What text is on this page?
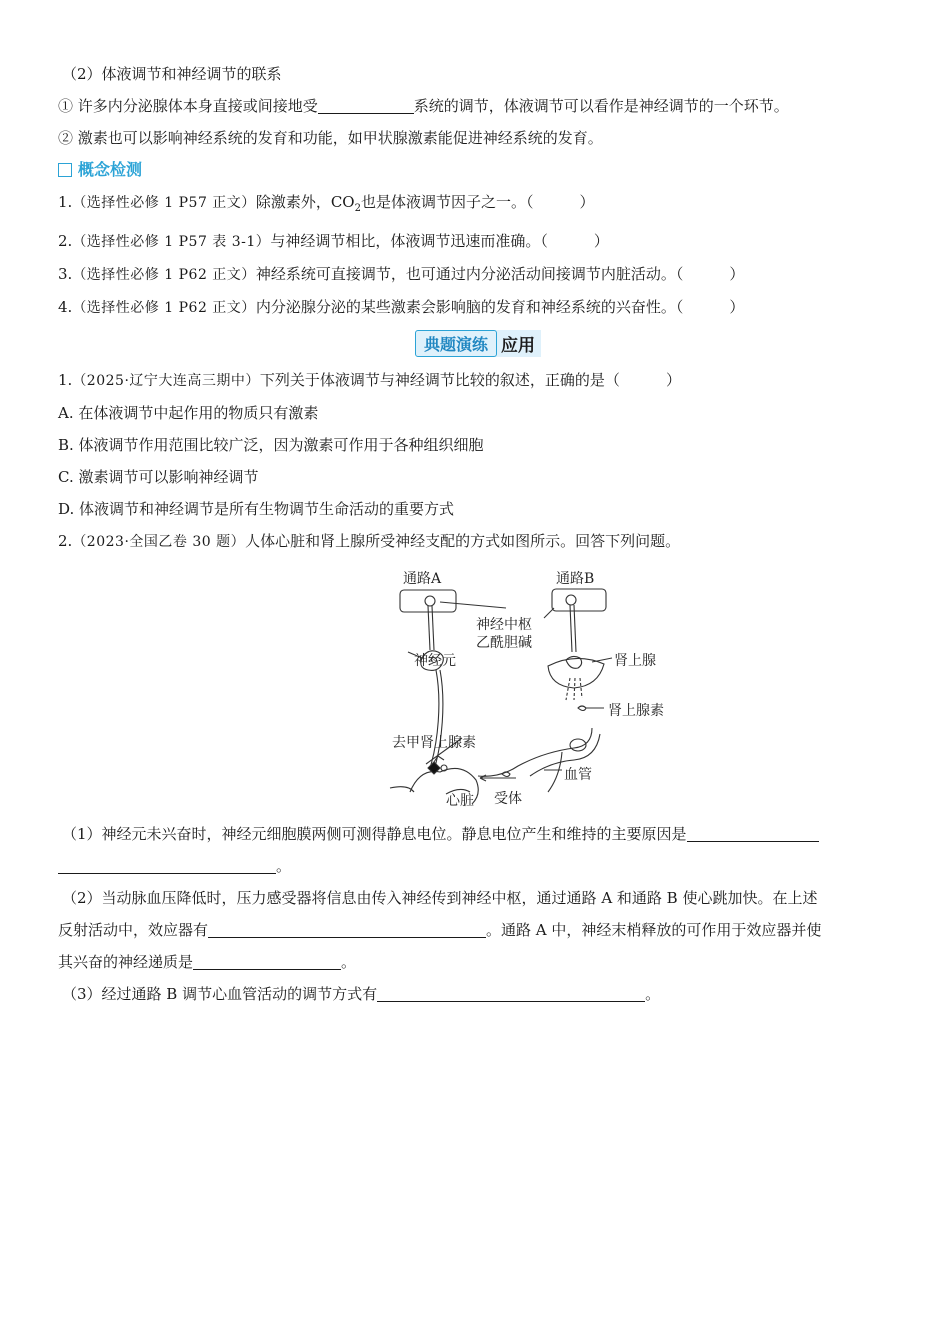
（2）体液调节和神经调节的联系
① 许多内分泌腺体本身直接或间接地受	系统的调节，体液调节可以看作是神经调节的一个环节。
② 激素也可以影响神经系统的发育和功能，如甲状腺激素能促进神经系统的发育。
概念检测
1.（选择性必修 1 P57 正文）除激素外，$CO_2$也是体液调节因子之一。（	）
2.（选择性必修 1 P57 表 3-1）与神经调节相比，体液调节迅速而准确。（	）
3.（选择性必修 1 P62 正文）神经系统可直接调节，也可通过内分泌活动间接调节内脏活动。（	）
4.（选择性必修 1 P62 正文）内分泌腺分泌的某些激素会影响脑的发育和神经系统的兴奋性。（	）
典题演练 应用
1.（2025·辽宁大连高三期中）下列关于体液调节与神经调节比较的叙述，正确的是（	）
A. 在体液调节中起作用的物质只有激素
B. 体液调节作用范围比较广泛，因为激素可作用于各种组织细胞
C. 激素调节可以影响神经调节
D. 体液调节和神经调节是所有生物调节生命活动的重要方式
2.（2023·全国乙卷 30 题）人体心脏和肾上腺所受神经支配的方式如图所示。回答下列问题。
通路A	通路B
神经中枢
乙酰胆碱
神经元	肾上腺
肾上腺素
去甲肾上腺素
血管
心脏 受体
（1）神经元未兴奋时，神经元细胞膜两侧可测得静息电位。静息电位产生和维持的主要原因是
。
（2）当动脉血压降低时，压力感受器将信息由传入神经传到神经中枢，通过通路 A 和通路 B 使心跳加快。在上述
反射活动中，效应器有	。通路 A 中，神经末梢释放的可作用于效应器并使
其兴奋的神经递质是	。
（3）经过通路 B 调节心血管活动的调节方式有	。
